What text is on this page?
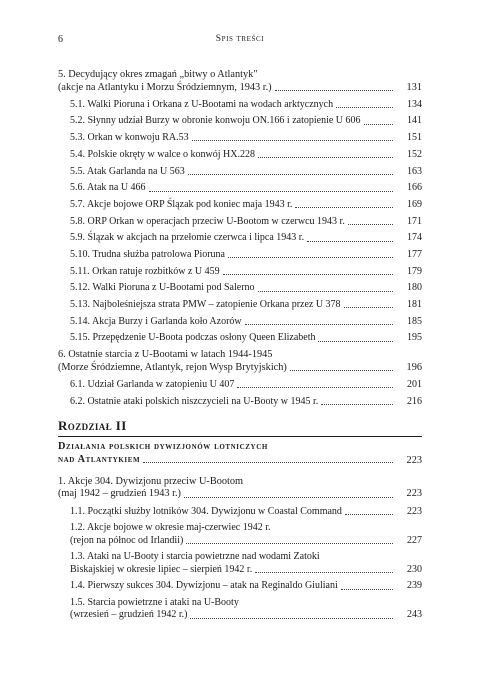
6	Spis treści
5. Decydujący okres zmagań „bitwy o Atlantyk"
(akcje na Atlantyku i Morzu Śródziemnym, 1943 r.)	131
5.1. Walki Pioruna i Orkana z U-Bootami na wodach arktycznych	134
5.2. Słynny udział Burzy w obronie konwoju ON.166 i zatopienie U 606	141
5.3. Orkan w konwoju RA.53	151
5.4. Polskie okręty w walce o konwój HX.228	152
5.5. Atak Garlanda na U 563	163
5.6. Atak na U 466	166
5.7. Akcje bojowe ORP Ślązak pod koniec maja 1943 r.	169
5.8. ORP Orkan w operacjach przeciw U-Bootom w czerwcu 1943 r.	171
5.9. Ślązak w akcjach na przełomie czerwca i lipca 1943 r.	174
5.10. Trudna służba patrolowa Pioruna	177
5.11. Orkan ratuje rozbitków z U 459	179
5.12. Walki Pioruna z U-Bootami pod Salerno	180
5.13. Najboleśniejsza strata PMW – zatopienie Orkana przez U 378	181
5.14. Akcja Burzy i Garlanda koło Azorów	185
5.15. Przepędzenie U-Boota podczas osłony Queen Elizabeth	195
6. Ostatnie starcia z U-Bootami w latach 1944-1945
(Morze Śródziemne, Atlantyk, rejon Wysp Brytyjskich)	196
6.1. Udział Garlanda w zatopieniu U 407	201
6.2. Ostatnie ataki polskich niszczycieli na U-Booty w 1945 r.	216
Rozdział II
Działania polskich dywizjonów lotniczych
nad Atlantykiem	223
1. Akcje 304. Dywizjonu przeciw U-Bootom
(maj 1942 – grudzień 1943 r.)	223
1.1. Początki służby lotników 304. Dywizjonu w Coastal Command	223
1.2. Akcje bojowe w okresie maj-czerwiec 1942 r.
(rejon na północ od Irlandii)	227
1.3. Ataki na U-Booty i starcia powietrzne nad wodami Zatoki
Biskajskiej w okresie lipiec – sierpień 1942 r.	230
1.4. Pierwszy sukces 304. Dywizjonu – atak na Reginaldo Giuliani	239
1.5. Starcia powietrzne i ataki na U-Booty
(wrzesień – grudzień 1942 r.)	243
